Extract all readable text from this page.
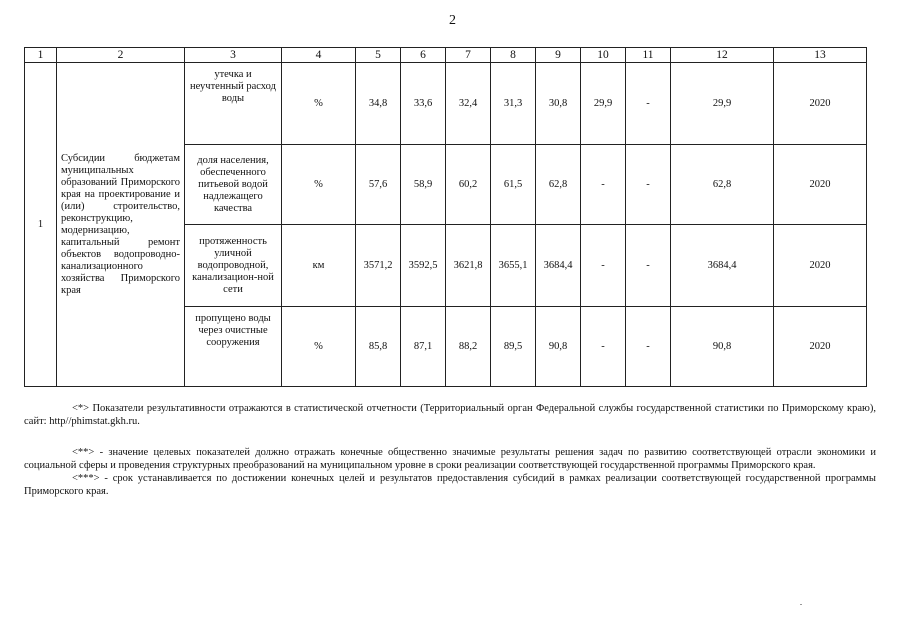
2
1	2	3	4	5	6	7	8	9	10	11	12	13
1	Субсидии бюджетам муниципальных образований Приморского края на проектирование и (или) строительство, реконструкцию, модернизацию, капитальный ремонт объектов водопроводно-канализационного хозяйства Приморского края	утечка и неучтенный расход воды	%	34,8	33,6	32,4	31,3	30,8	29,9	-	29,9	2020
		доля населения, обеспеченного питьевой водой надлежащего качества	%	57,6	58,9	60,2	61,5	62,8	-	-	62,8	2020
		протяженность уличной водопроводной, канализацион-ной сети	км	3571,2	3592,5	3621,8	3655,1	3684,4	-	-	3684,4	2020
		пропущено воды через очистные сооружения	%	85,8	87,1	88,2	89,5	90,8	-	-	90,8	2020

<*> Показатели результативности отражаются в статистической отчетности (Территориальный орган Федеральной службы государственной статистики по Приморскому краю), сайт: http//phimstat.gkh.ru.

<**> - значение целевых показателей должно отражать конечные общественно значимые результаты решения задач по развитию соответствующей отрасли экономики и социальной сферы и проведения структурных преобразований на муниципальном уровне в сроки реализации соответствующей государственной программы Приморского края.

<***> - срок устанавливается по достижении конечных целей и результатов предоставления субсидий в рамках реализации соответствующей государственной программы Приморского края.
